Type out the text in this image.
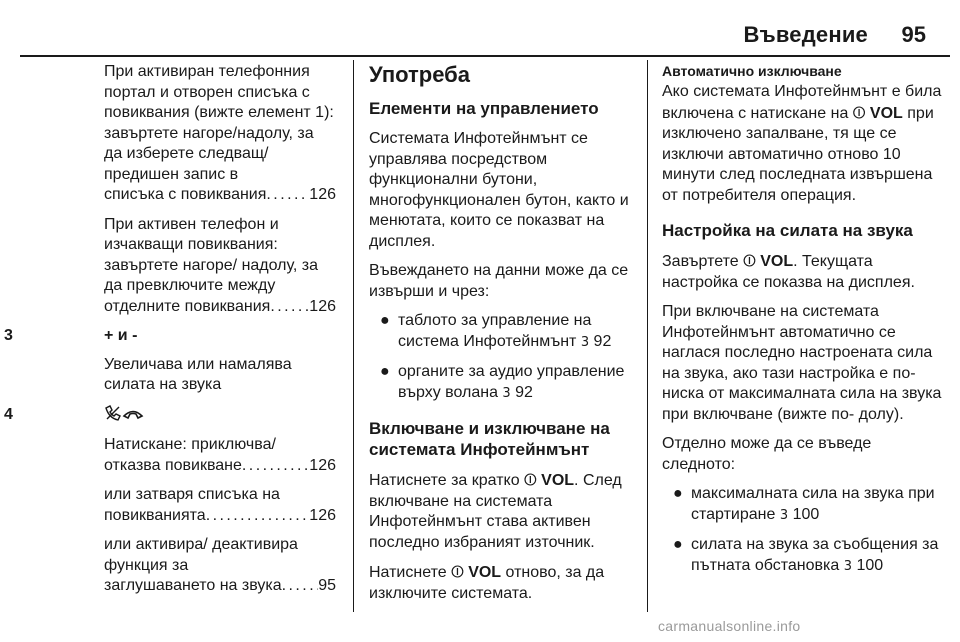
Въведение 95
При активиран телефонния портал и отворен списъка с повиквания (вижте елемент 1): завъртете нагоре/надолу, за да изберете следващ/ предишен запис в
списъка с повиквания . . .	126
При активен телефон и изчакващи повиквания: завъртете нагоре/ надолу, за да превключите между
отделните повиквания . . . 126
3	+ и -
Увеличава или намалява силата на звука
4
Натискане: приключва/
отказва повикване . . .	126
или затваря списъка на
повикванията . . .	126
или активира/ деактивира функция за
заглушаването на звука . . . 95
Употреба
Елементи на управлението
Системата Инфотейнмънт се управлява посредством функционални бутони, многофункционален бутон, както и менютата, които се показват на дисплея.
Въвеждането на данни може да се извърши и чрез:
● таблото за управление на система Инфотейнмънт 3 92
● органите за аудио управление върху волана 3 92
Включване и изключване на системата Инфотейнмънт
Натиснете за кратко ⏼ VOL. След включване на системата Инфотейнмънт става активен последно избраният източник.
Натиснете ⏼ VOL отново, за да изключите системата.
Автоматично изключване
Ако системата Инфотейнмънт е била включена с натискане на ⏼ VOL при изключено запалване, тя ще се изключи автоматично отново 10 минути след последната извършена от потребителя операция.
Настройка на силата на звука
Завъртете ⏼ VOL. Текущата настройка се показва на дисплея.
При включване на системата Инфотейнмънт автоматично се наглася последно настроената сила на звука, ако тази настройка е по-ниска от максималната сила на звука при включване (вижте по- долу).
Отделно може да се въведе следното:
● максималната сила на звука при стартиране 3 100
● силата на звука за съобщения за пътната обстановка 3 100
carmanualsonline.info
